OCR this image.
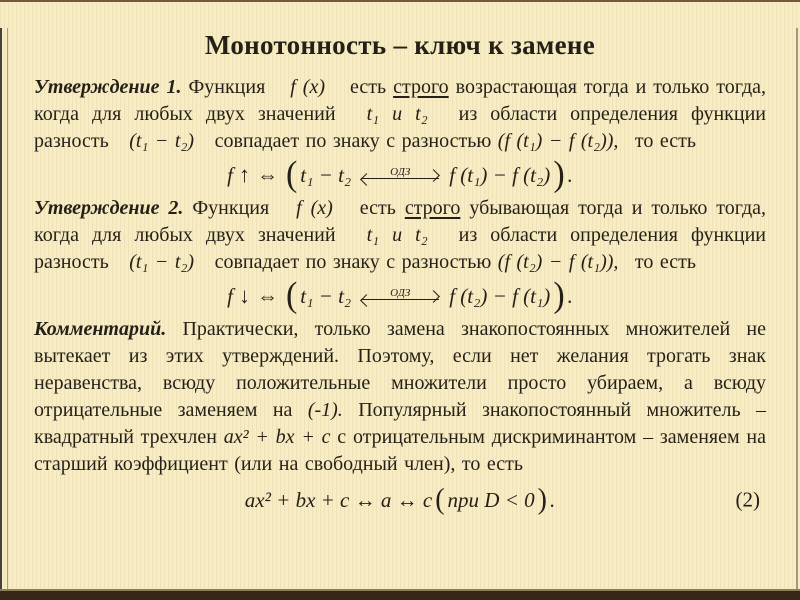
Монотонность – ключ к замене

Утверждение 1. Функция f (x) есть строго возрастающая тогда и только тогда, когда для любых двух значений t₁ и t₂ из области определения функции разность (t₁ − t₂) совпадает по знаку с разностью (f (t₁) − f (t₂)), то есть

f ↑ ⇔ ( t₁ − t₂	ОДЗ f (t₁) − f (t₂) ) .

Утверждение 2. Функция f (x) есть строго убывающая тогда и только тогда, когда для любых двух значений t₁ и t₂ из области определения функции разность (t₁ − t₂) совпадает по знаку с разностью (f (t₂) − f (t₁)), то есть

f ↓ ⇔ ( t₁ − t₂	ОДЗ f (t₂) − f (t₁) ) .

Комментарий. Практически, только замена знакопостоянных множителей не вытекает из этих утверждений. Поэтому, если нет желания трогать знак неравенства, всюду положительные множители просто убираем, а всюду отрицательные заменяем на (-1). Популярный знакопостоянный множитель – квадратный трехчлен ax² + bx + c с отрицательным дискриминантом – заменяем на старший коэффициент (или на свободный член), то есть

ax² + bx + c ↔ a ↔ c ( при D < 0 ) .	(2)
